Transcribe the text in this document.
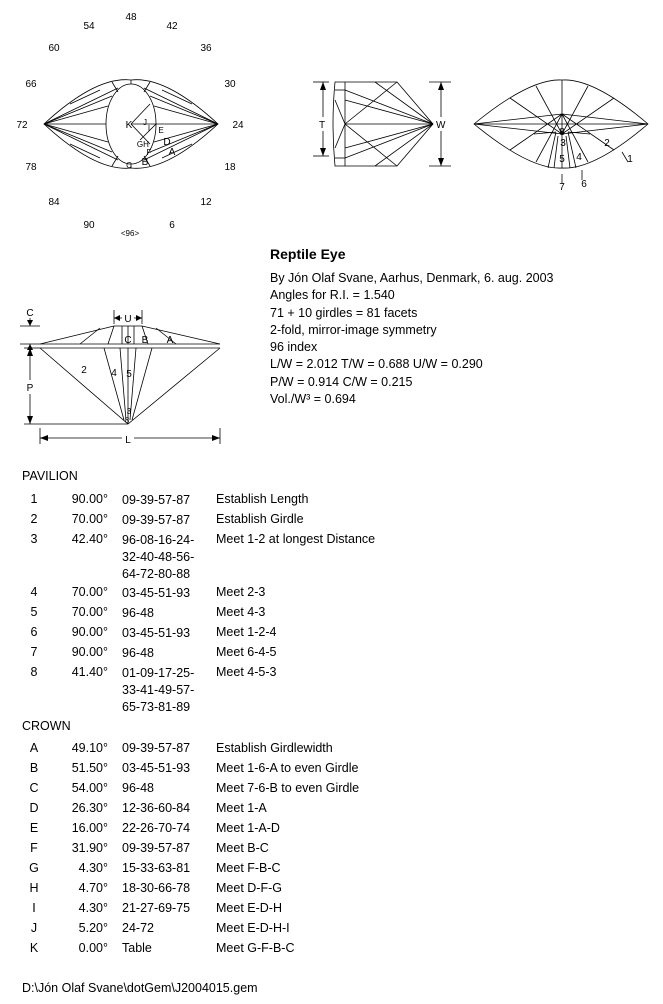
48
42
36
30
24
18
12
6
<96>
90
84
78
72
66
60
54
K J
I
H
G
F
E
D
C B
A
T	W
8
3	2
1
4
5
6
7
C
U
P
L
C B A
2 4 5
3
8
Reptile Eye
By Jón Olaf Svane, Aarhus, Denmark, 6. aug. 2003
Angles for R.I. = 1.540
71 + 10 girdles = 81 facets
2-fold, mirror-image symmetry
96 index
L/W = 2.012 T/W = 0.688 U/W = 0.290
P/W = 0.914 C/W = 0.215
Vol./W³ = 0.694
PAVILION
1	90.00° 09-39-57-87 Establish Length
2	70.00° 09-39-57-87 Establish Girdle
3	42.40° 96-08-16-24-
32-40-48-56-
64-72-80-88
Meet 1-2 at longest Distance
4	70.00° 03-45-51-93 Meet 2-3
5	70.00° 96-48	Meet 4-3
6	90.00° 03-45-51-93 Meet 1-2-4
7	90.00° 96-48	Meet 6-4-5
8	41.40° 01-09-17-25-
33-41-49-57-
65-73-81-89
Meet 4-5-3
CROWN
A	49.10° 09-39-57-87 Establish Girdlewidth
B	51.50° 03-45-51-93 Meet 1-6-A to even Girdle
C	54.00° 96-48	Meet 7-6-B to even Girdle
D	26.30° 12-36-60-84 Meet 1-A
E	16.00° 22-26-70-74 Meet 1-A-D
F	31.90° 09-39-57-87 Meet B-C
G	4.30° 15-33-63-81 Meet F-B-C
H	4.70° 18-30-66-78 Meet D-F-G
I	4.30° 21-27-69-75 Meet E-D-H
J	5.20° 24-72	Meet E-D-H-I
K	0.00° Table	Meet G-F-B-C
D:\Jón Olaf Svane\dotGem\J2004015.gem
